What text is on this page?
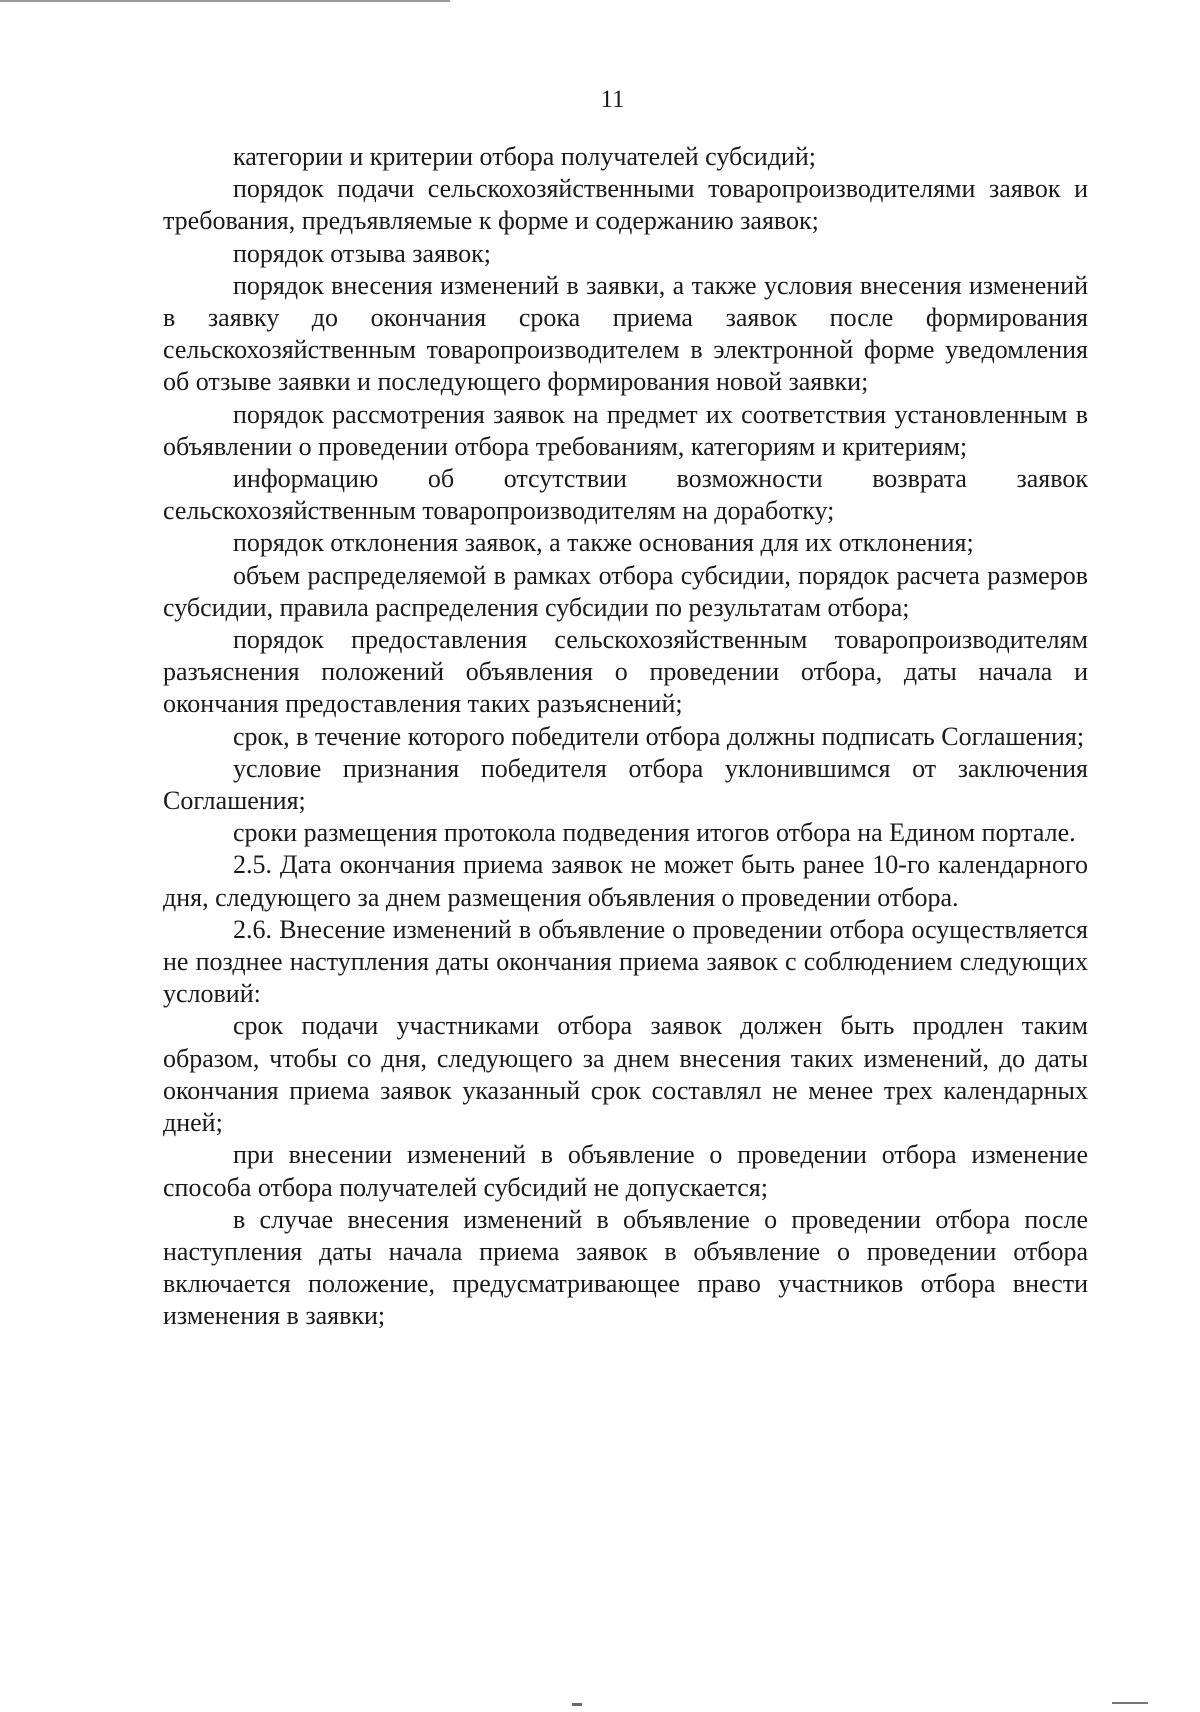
11

категории и критерии отбора получателей субсидий;

порядок подачи сельскохозяйственными товаропроизводителями заявок и требования, предъявляемые к форме и содержанию заявок;

порядок отзыва заявок;

порядок внесения изменений в заявки, а также условия внесения изменений в заявку до окончания срока приема заявок после формирования сельскохозяйственным товаропроизводителем в электронной форме уведомления об отзыве заявки и последующего формирования новой заявки;

порядок рассмотрения заявок на предмет их соответствия установленным в объявлении о проведении отбора требованиям, категориям и критериям;

информацию об отсутствии возможности возврата заявок сельскохозяйственным товаропроизводителям на доработку;

порядок отклонения заявок, а также основания для их отклонения;

объем распределяемой в рамках отбора субсидии, порядок расчета размеров субсидии, правила распределения субсидии по результатам отбора;

порядок предоставления сельскохозяйственным товаропроизводителям разъяснения положений объявления о проведении отбора, даты начала и окончания предоставления таких разъяснений;

срок, в течение которого победители отбора должны подписать Соглашения;

условие признания победителя отбора уклонившимся от заключения Соглашения;

сроки размещения протокола подведения итогов отбора на Едином портале.

2.5. Дата окончания приема заявок не может быть ранее 10-го календарного дня, следующего за днем размещения объявления о проведении отбора.

2.6. Внесение изменений в объявление о проведении отбора осуществляется не позднее наступления даты окончания приема заявок с соблюдением следующих условий:

срок подачи участниками отбора заявок должен быть продлен таким образом, чтобы со дня, следующего за днем внесения таких изменений, до даты окончания приема заявок указанный срок составлял не менее трех календарных дней;

при внесении изменений в объявление о проведении отбора изменение способа отбора получателей субсидий не допускается;

в случае внесения изменений в объявление о проведении отбора после наступления даты начала приема заявок в объявление о проведении отбора включается положение, предусматривающее право участников отбора внести изменения в заявки;
